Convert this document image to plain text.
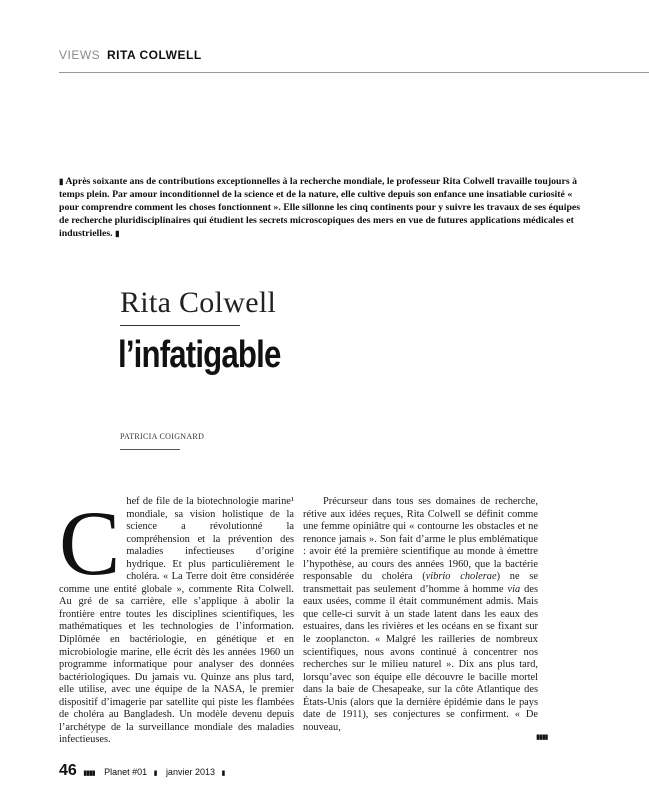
VIEWS RITA COLWELL

▮ Après soixante ans de contributions exceptionnelles à la recherche mondiale, le professeur Rita Colwell travaille toujours à temps plein. Par amour inconditionnel de la science et de la nature, elle cultive depuis son enfance une insatiable curiosité « pour comprendre comment les choses fonctionnent ». Elle sillonne les cinq continents pour y suivre les travaux de ses équipes de recherche pluridisciplinaires qui étudient les secrets microscopiques des mers en vue de futures applications médicales et industrielles. ▮

Rita Colwell
l’infatigable
PATRICIA COIGNARD
C hef de file de la biotechnologie marine¹ mondiale, sa vision holistique de la science a révolutionné la compréhension et la prévention des maladies infectieuses d’origine hydrique. Et plus particulièrement le choléra. « La Terre doit être considérée comme une entité globale », commente Rita Colwell. Au gré de sa carrière, elle s’applique à abolir la frontière entre toutes les disciplines scientifiques, les mathématiques et les technologies de l’information. Diplômée en bactériologie, en génétique et en microbiologie marine, elle écrit dès les années 1960 un programme informatique pour analyser des données bactériologiques. Du jamais vu. Quinze ans plus tard, elle utilise, avec une équipe de la NASA, le premier dispositif d’imagerie par satellite qui piste les flambées de choléra au Bangladesh. Un modèle devenu depuis l’archétype de la surveillance mondiale des maladies infectieuses.

Précurseur dans tous ses domaines de recherche, rétive aux idées reçues, Rita Colwell se définit comme une femme opiniâtre qui « contourne les obstacles et ne renonce jamais ». Son fait d’arme le plus emblématique : avoir été la première scientifique au monde à émettre l’hypothèse, au cours des années 1960, que la bactérie responsable du choléra (vibrio cholerae) ne se transmettait pas seulement d’homme à homme via des eaux usées, comme il était communément admis. Mais que celle-ci survit à un stade latent dans les eaux des estuaires, dans les rivières et les océans en se fixant sur le zooplancton. « Malgré les railleries de nombreux scientifiques, nous avons continué à concentrer nos recherches sur le milieu naturel ». Dix ans plus tard, lorsqu’avec son équipe elle découvre le bacille mortel dans la baie de Chesapeake, sur la côte Atlantique des États-Unis (alors que la dernière épidémie dans le pays date de 1911), ses conjectures se confirment. « De nouveau,

▮▮▮▮
46 ▮▮▮▮ Planet #01 ▮ janvier 2013 ▮
